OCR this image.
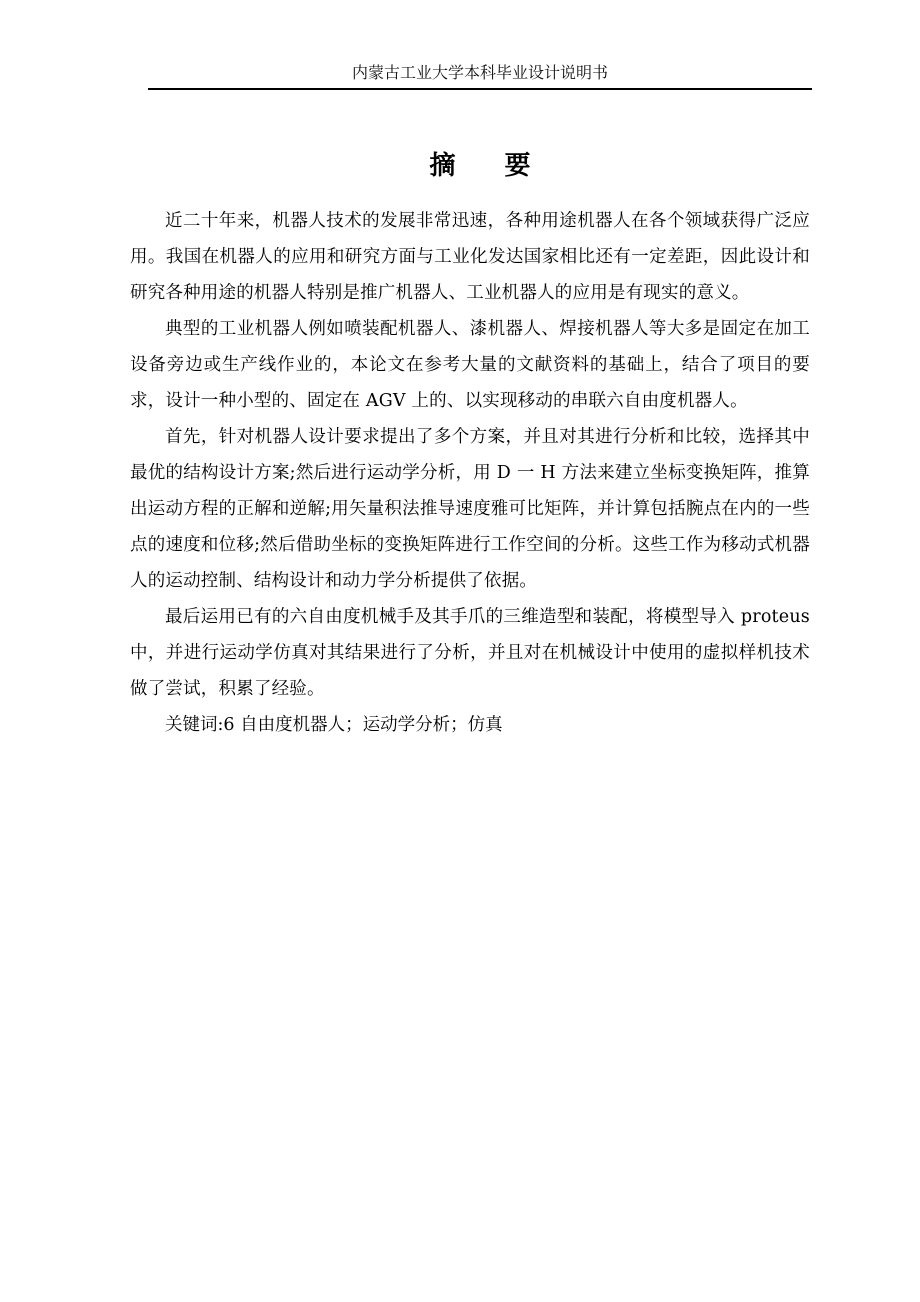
内蒙古工业大学本科毕业设计说明书
摘 要

近二十年来，机器人技术的发展非常迅速，各种用途机器人在各个领域获得广泛应用。我国在机器人的应用和研究方面与工业化发达国家相比还有一定差距，因此设计和研究各种用途的机器人特别是推广机器人、工业机器人的应用是有现实的意义。

典型的工业机器人例如喷装配机器人、漆机器人、焊接机器人等大多是固定在加工设备旁边或生产线作业的，本论文在参考大量的文献资料的基础上，结合了项目的要求，设计一种小型的、固定在 AGV 上的、以实现移动的串联六自由度机器人。

首先，针对机器人设计要求提出了多个方案，并且对其进行分析和比较，选择其中最优的结构设计方案;然后进行运动学分析，用 D 一 H 方法来建立坐标变换矩阵，推算出运动方程的正解和逆解;用矢量积法推导速度雅可比矩阵，并计算包括腕点在内的一些点的速度和位移;然后借助坐标的变换矩阵进行工作空间的分析。这些工作为移动式机器人的运动控制、结构设计和动力学分析提供了依据。

最后运用已有的六自由度机械手及其手爪的三维造型和装配，将模型导入 proteus 中，并进行运动学仿真对其结果进行了分析，并且对在机械设计中使用的虚拟样机技术做了尝试，积累了经验。

关键词:6 自由度机器人；运动学分析；仿真
